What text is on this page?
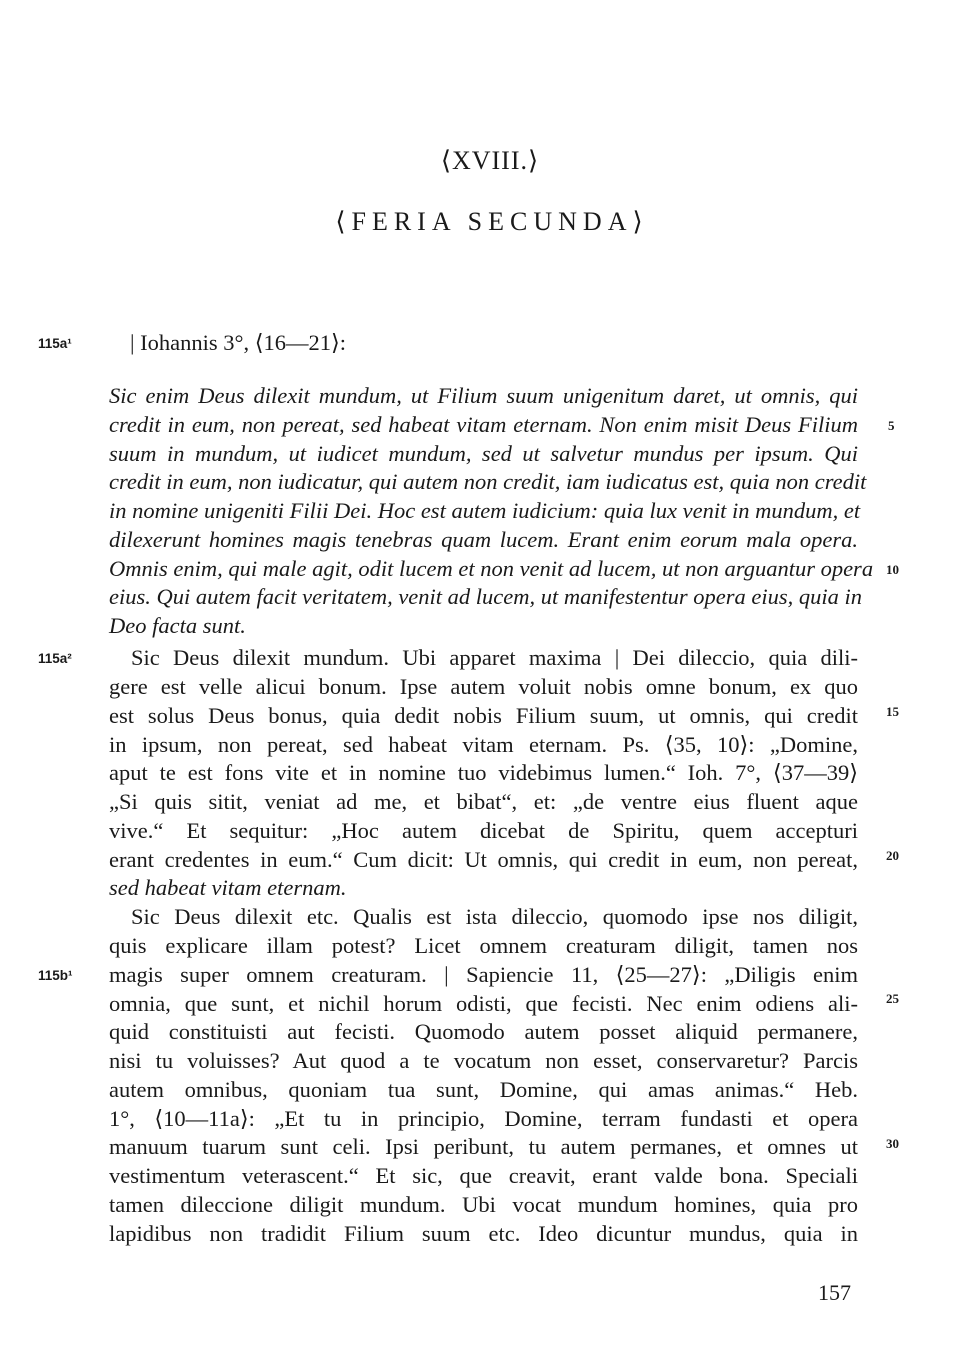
⟨XVIII.⟩
⟨FERIA SECUNDA⟩
115a¹
115a²
115b¹
5
10
15
20
25
30
| Iohannis 3°, ⟨16—21⟩:
Sic enim Deus dilexit mundum, ut Filium suum unigenitum daret, ut omnis, qui
credit in eum, non pereat, sed habeat vitam eternam. Non enim misit Deus Filium
suum in mundum, ut iudicet mundum, sed ut salvetur mundus per ipsum. Qui
credit in eum, non iudicatur, qui autem non credit, iam iudicatus est, quia non credit
in nomine unigeniti Filii Dei. Hoc est autem iudicium: quia lux venit in mundum, et
dilexerunt homines magis tenebras quam lucem. Erant enim eorum mala opera.
Omnis enim, qui male agit, odit lucem et non venit ad lucem, ut non arguantur opera
eius. Qui autem facit veritatem, venit ad lucem, ut manifestentur opera eius, quia in
Deo facta sunt.
Sic Deus dilexit mundum. Ubi apparet maxima | Dei dileccio, quia dili-
gere est velle alicui bonum. Ipse autem voluit nobis omne bonum, ex quo
est solus Deus bonus, quia dedit nobis Filium suum, ut omnis, qui credit
in ipsum, non pereat, sed habeat vitam eternam. Ps. ⟨35, 10⟩: „Domine,
aput te est fons vite et in nomine tuo videbimus lumen.“ Ioh. 7°, ⟨37—39⟩
„Si quis sitit, veniat ad me, et bibat“, et: „de ventre eius fluent aque
vive.“ Et sequitur: „Hoc autem dicebat de Spiritu, quem accepturi
erant credentes in eum.“ Cum dicit: Ut omnis, qui credit in eum, non pereat,
sed habeat vitam eternam.
Sic Deus dilexit etc. Qualis est ista dileccio, quomodo ipse nos diligit,
quis explicare illam potest? Licet omnem creaturam diligit, tamen nos
magis super omnem creaturam. | Sapiencie 11, ⟨25—27⟩: „Diligis enim
omnia, que sunt, et nichil horum odisti, que fecisti. Nec enim odiens ali-
quid constituisti aut fecisti. Quomodo autem posset aliquid permanere,
nisi tu voluisses? Aut quod a te vocatum non esset, conservaretur? Parcis
autem omnibus, quoniam tua sunt, Domine, qui amas animas.“ Heb.
1°, ⟨10—11a⟩: „Et tu in principio, Domine, terram fundasti et opera
manuum tuarum sunt celi. Ipsi peribunt, tu autem permanes, et omnes ut
vestimentum veterascent.“ Et sic, que creavit, erant valde bona. Speciali
tamen dileccione diligit mundum. Ubi vocat mundum homines, quia pro
lapidibus non tradidit Filium suum etc. Ideo dicuntur mundus, quia in
157
